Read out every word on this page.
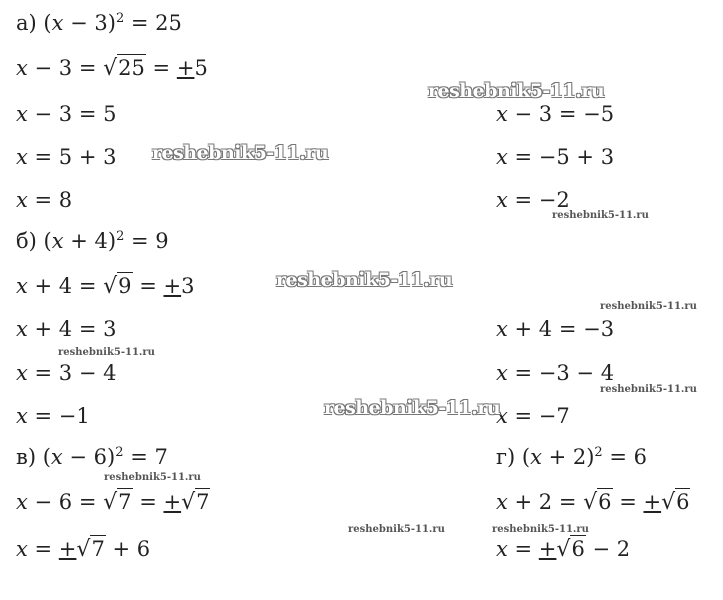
а) $(x - 3)^2 = 25$
x − 3 = √25 = +5
x − 3 = 5
x = 5 + 3
x = 8
x − 3 = −5
x = −5 + 3
x = −2
б) $(x + 4)^2 = 9$
x + 4 = √9 = +3
x + 4 = 3
x = 3 − 4
x = −1
x + 4 = −3
x = −3 − 4
x = −7
в) $(x - 6)^2 = 7$
x − 6 = √7 = +√7
x = +√7 + 6
г) $(x + 2)^2 = 6$
x + 2 = √6 = +√6
x = +√6 − 2
reshebnik5-11.ru
reshebnik5-11.ru
reshebnik5-11.ru
reshebnik5-11.ru
reshebnik5-11.ru
reshebnik5-11.ru
reshebnik5-11.ru
reshebnik5-11.ru
reshebnik5-11.ru
reshebnik5-11.ru	reshebnik5-11.ru
